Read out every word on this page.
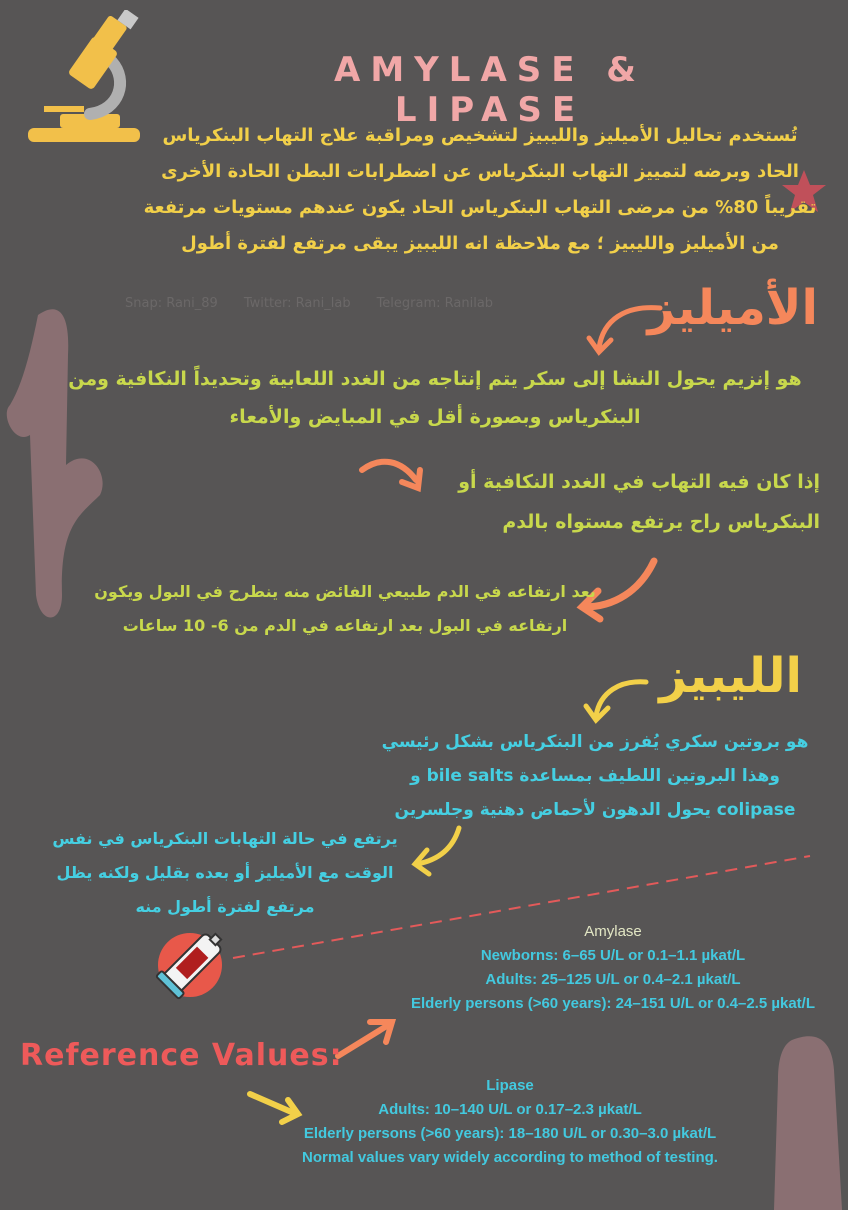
AMYLASE & LIPASE
تُستخدم تحاليل الأميليز والليبيز لتشخيص ومراقبة علاج التهاب البنكرياس الحاد وبرضه لتمييز التهاب البنكرياس عن اضطرابات البطن الحادة الأخرى تقريباً 80% من مرضى التهاب البنكرياس الحاد يكون عندهم مستويات مرتفعة من الأميليز والليبيز ؛ مع ملاحظة انه الليبيز يبقى مرتفع لفترة أطول
Snap: Rani_89 Twitter: Rani_lab Telegram: Ranilab	الأميليز
هو إنزيم يحول النشا إلى سكر يتم إنتاجه من الغدد اللعابية وتحديداً النكافية ومن البنكرياس وبصورة أقل في المبايض والأمعاء
إذا كان فيه التهاب في الغدد النكافية أو البنكرياس راح يرتفع مستواه بالدم
بعد ارتفاعه في الدم طبيعي الفائض منه ينطرح في البول ويكون ارتفاعه في البول بعد ارتفاعه في الدم من 6- 10 ساعات
الليبيز
هو بروتين سكري يُفرز من البنكرياس بشكل رئيسي وهذا البروتين اللطيف بمساعدة bile salts و colipase يحول الدهون لأحماض دهنية وجلسرين
يرتفع في حالة التهابات البنكرياس في نفس الوقت مع الأميليز أو بعده بقليل ولكنه يظل مرتفع لفترة أطول منه
Amylase
Newborns: 6–65 U/L or 0.1–1.1 µkat/L
Adults: 25–125 U/L or 0.4–2.1 µkat/L
Elderly persons (>60 years): 24–151 U/L or 0.4–2.5 µkat/L
Reference Values:
Lipase
Adults: 10–140 U/L or 0.17–2.3 µkat/L
Elderly persons (>60 years): 18–180 U/L or 0.30–3.0 µkat/L
Normal values vary widely according to method of testing.
